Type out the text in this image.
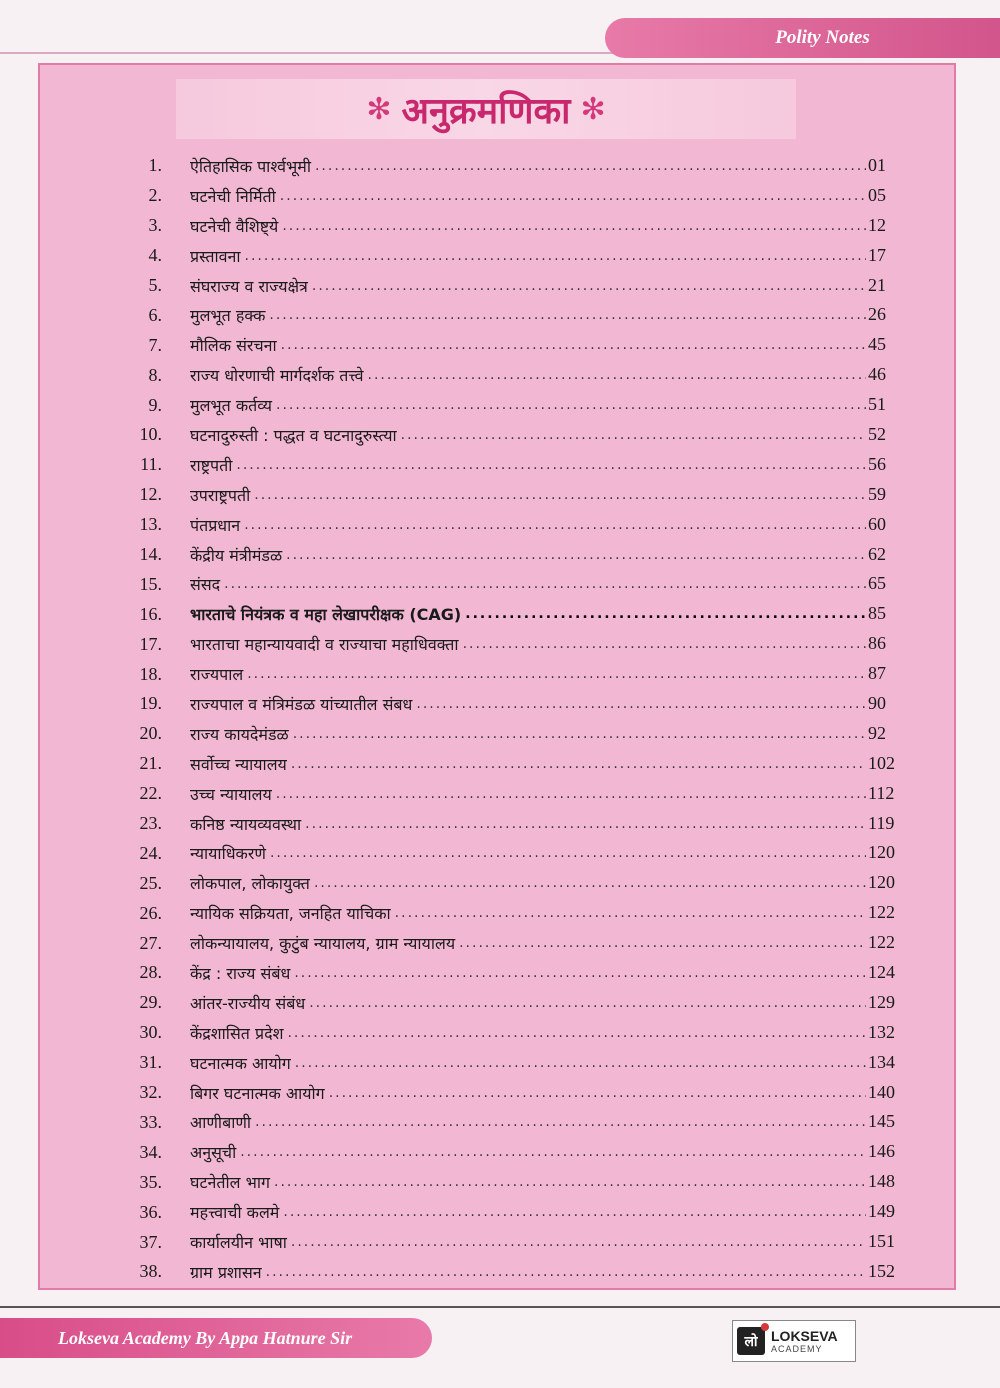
Polity Notes
✻ अनुक्रमणिका ✻
1. ऐतिहासिक पार्श्वभूमी .....	01
2. घटनेची निर्मिती .....	05
3. घटनेची वैशिष्ट्ये .....	12
4. प्रस्तावना .....	17
5. संघराज्य व राज्यक्षेत्र .....	21
6. मुलभूत हक्क .....	26
7. मौलिक संरचना .....	45
8. राज्य धोरणाची मार्गदर्शक तत्त्वे .....	46
9. मुलभूत कर्तव्य .....	51
10. घटनादुरुस्ती : पद्धत व घटनादुरुस्त्या .....	52
11. राष्ट्रपती .....	56
12. उपराष्ट्रपती .....	59
13. पंतप्रधान .....	60
14. केंद्रीय मंत्रीमंडळ .....	62
15. संसद .....	65
16. भारताचे नियंत्रक व महा लेखापरीक्षक (CAG) .....	85
17. भारताचा महान्यायवादी व राज्याचा महाधिवक्ता .....	86
18. राज्यपाल .....	87
19. राज्यपाल व मंत्रिमंडळ यांच्यातील संबध .....	90
20. राज्य कायदेमंडळ .....	92
21. सर्वोच्च न्यायालय .....	102
22. उच्च न्यायालय .....	112
23. कनिष्ठ न्यायव्यवस्था .....	119
24. न्यायाधिकरणे .....	120
25. लोकपाल, लोकायुक्त .....	120
26. न्यायिक सक्रियता, जनहित याचिका .....	122
27. लोकन्यायालय, कुटुंब न्यायालय, ग्राम न्यायालय .....	122
28. केंद्र : राज्य संबंध .....	124
29. आंतर-राज्यीय संबंध .....	129
30. केंद्रशासित प्रदेश .....	132
31. घटनात्मक आयोग .....	134
32. बिगर घटनात्मक आयोग .....	140
33. आणीबाणी .....	145
34. अनुसूची .....	146
35. घटनेतील भाग .....	148
36. महत्त्वाची कलमे .....	149
37. कार्यालयीन भाषा .....	151
38. ग्राम प्रशासन .....	152
Lokseva Academy By Appa Hatnure Sir	लो LOKSEVA
ACADEMY
